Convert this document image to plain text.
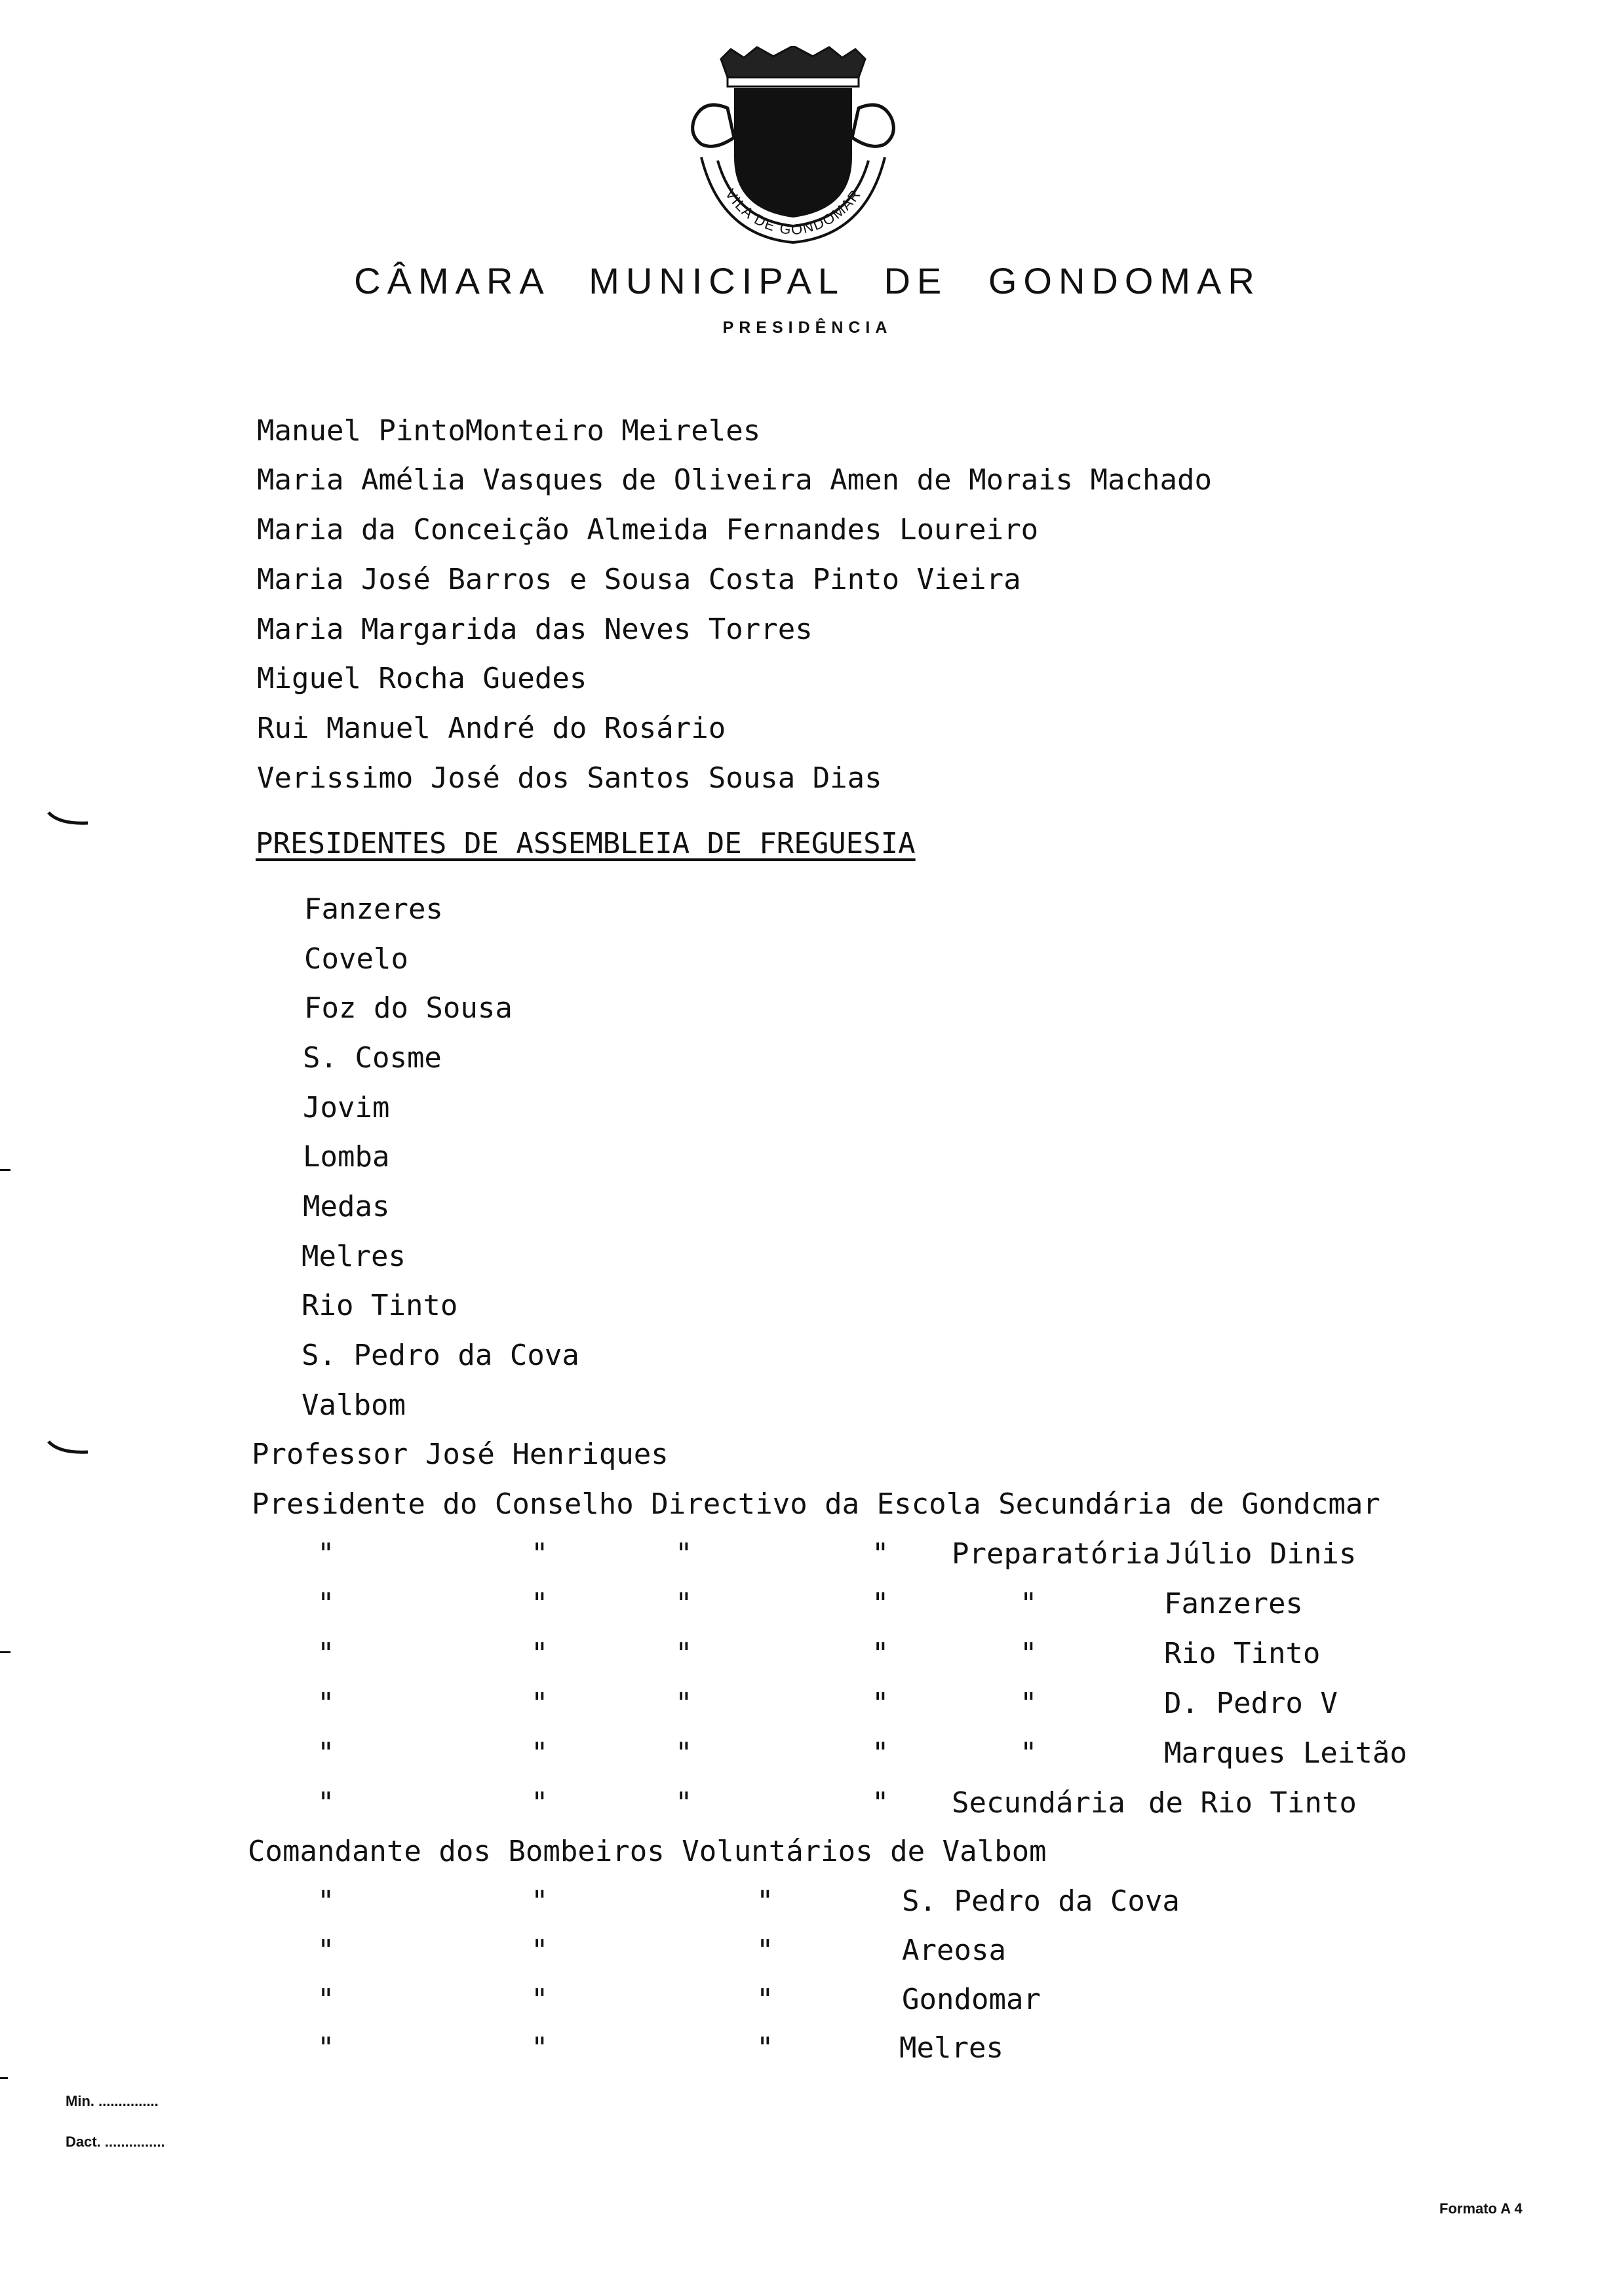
VILA DE GONDOMAR
CÂMARA MUNICIPAL DE GONDOMAR
PRESIDÊNCIA
Manuel PintoMonteiro Meireles
Maria Amélia Vasques de Oliveira Amen de Morais Machado
Maria da Conceição Almeida Fernandes Loureiro
Maria José Barros e Sousa Costa Pinto Vieira
Maria Margarida das Neves Torres
Miguel Rocha Guedes
Rui Manuel André do Rosário
Verissimo José dos Santos Sousa Dias
PRESIDENTES DE ASSEMBLEIA DE FREGUESIA
Fanzeres
Covelo
Foz do Sousa
S. Cosme
Jovim
Lomba
Medas
Melres
Rio Tinto
S. Pedro da Cova
Valbom
Professor José Henriques
Presidente do Conselho Directivo da Escola Secundária de Gondcmar
"	"	"	" Preparatória Júlio Dinis
"	"	"	"	"	Fanzeres
"	"	"	"	"	Rio Tinto
"	"	"	"	"	D. Pedro V
"	"	"	"	"	Marques Leitão
"	"	"	" Secundária de Rio Tinto
Comandante dos Bombeiros Voluntários de Valbom
"	"	"	S. Pedro da Cova
"	"	"	Areosa
"	"	"	Gondomar
"	"	"	Melres
Min. ...............
Dact. ...............
Formato A 4
